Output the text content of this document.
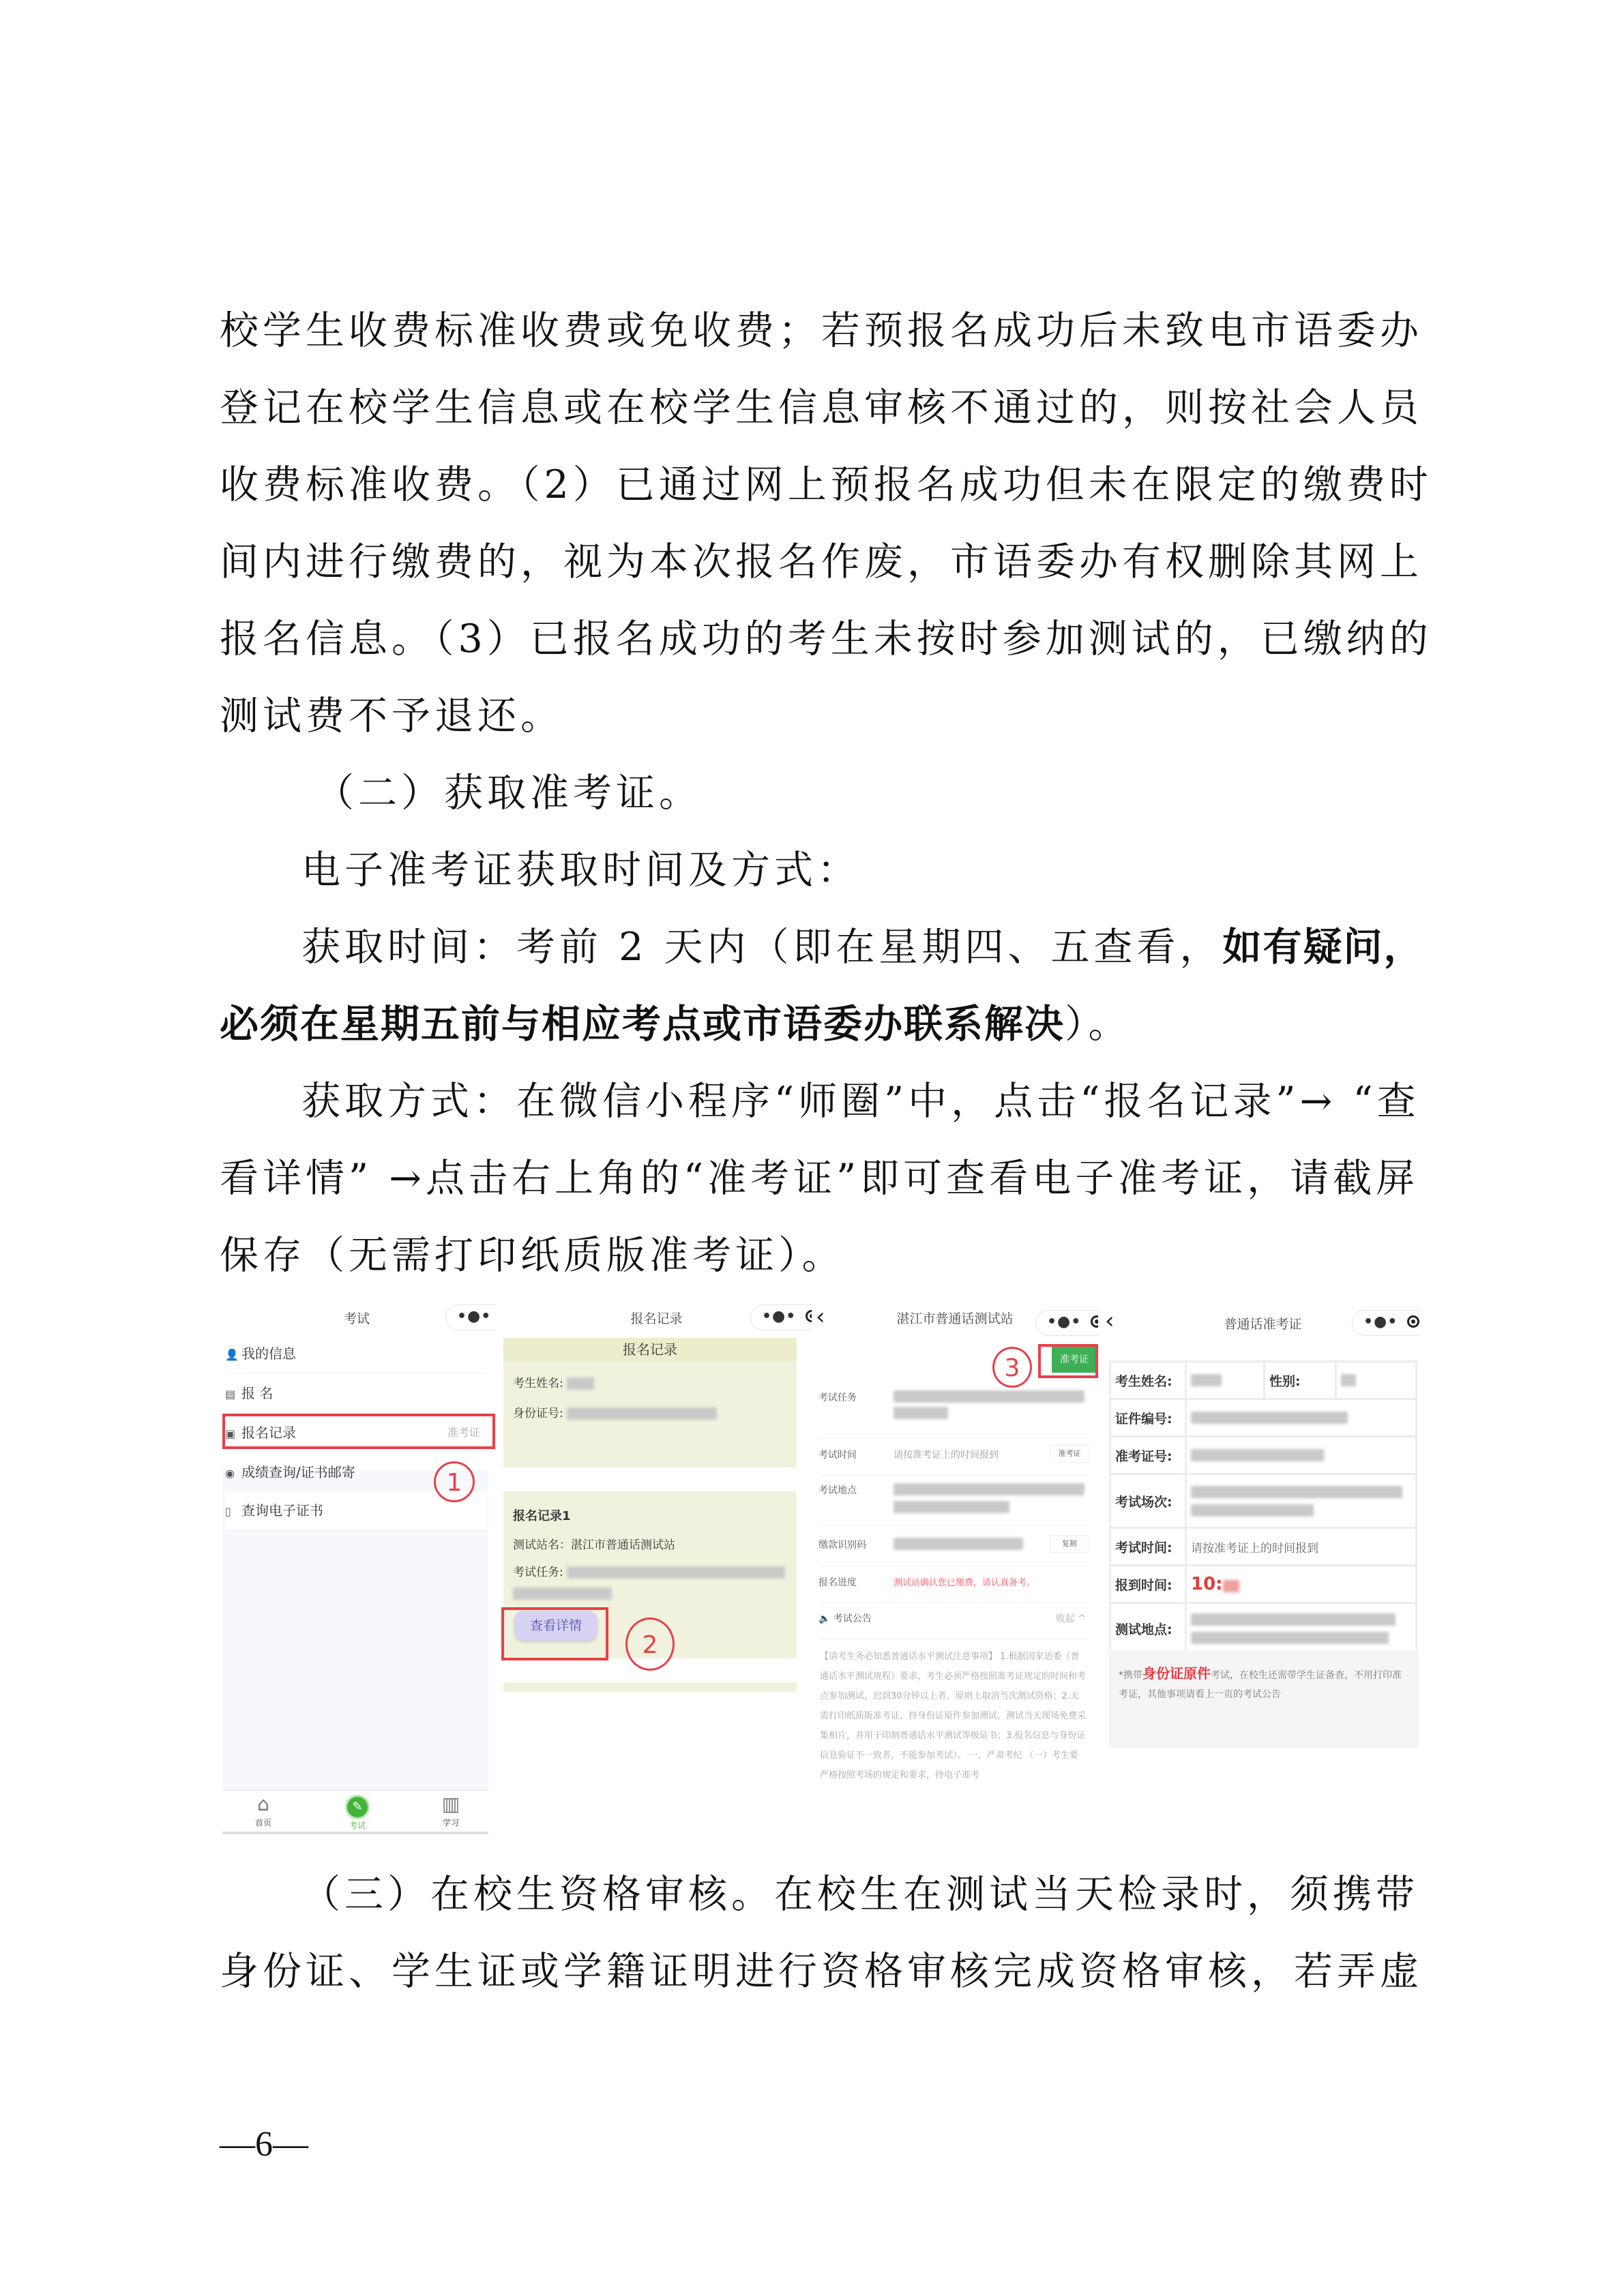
校学生收费标准收费或免收费；若预报名成功后未致电市语委办
登记在校学生信息或在校学生信息审核不通过的，则按社会人员
收费标准收费。（2）已通过网上预报名成功但未在限定的缴费时
间内进行缴费的，视为本次报名作废，市语委办有权删除其网上
报名信息。（3）已报名成功的考生未按时参加测试的，已缴纳的
测试费不予退还。
（二）获取准考证。
电子准考证获取时间及方式：
获取时间：考前 2 天内（即在星期四、五查看，如有疑问，
必须在星期五前与相应考点或市语委办联系解决）。
获取方式：在微信小程序“师圈”中，点击“报名记录”→ “查
看详情” →点击右上角的“准考证”即可查看电子准考证，请截屏
保存（无需打印纸质版准考证）。
考试	•●•
👤 我的信息
▤ 报 名
▣ 报名记录	准考证
◉ 成绩查询/证书邮寄
▯ 查询电子证书
1
⌂
首页
✎
考试
▥
学习
报名记录	•●•
报名记录
考生姓名:
身份证号:
报名记录1
测试站名：湛江市普通话测试站
考试任务:
查看详情
2
‹	湛江市普通话测试站	•●•
准考证
3
考试任务

考试时间	请按准考证上的时间报到	准考证
考试地点

缴款识别码	复制
报名进度	测试站确认您已缴费，请认真备考。
🔈 考试公告	收起 ^
【请考生务必知悉普通话水平测试注意事项】 1.根据国家语委《普通话水平测试规程》要求，考生必须严格按照准考证规定的时间和考点参加测试，迟到30分钟以上者，原则上取消当次测试资格；2.无需打印纸质版准考证，持身份证原件参加测试，测试当天现场免费采集相片，并用于印制普通话水平测试等级证书；3.报名信息与身份证信息验证不一致者，不能参加考试）。 一、严肃考纪 （一）考生要严格按照考场的规定和要求，持电子准考
‹	普通话准考证	•●•
考生姓名:		性别:	
证件编号:			
准考证号:			
考试场次:			

考试时间:	请按准考证上的时间报到		
报到时间:	10:		
测试地点:			

*携带身份证原件考试，在校生还需带学生证备查，不用打印准考证，其他事项请看上一页的考试公告
（三）在校生资格审核。在校生在测试当天检录时，须携带
身份证、学生证或学籍证明进行资格审核完成资格审核，若弄虚
—6—
